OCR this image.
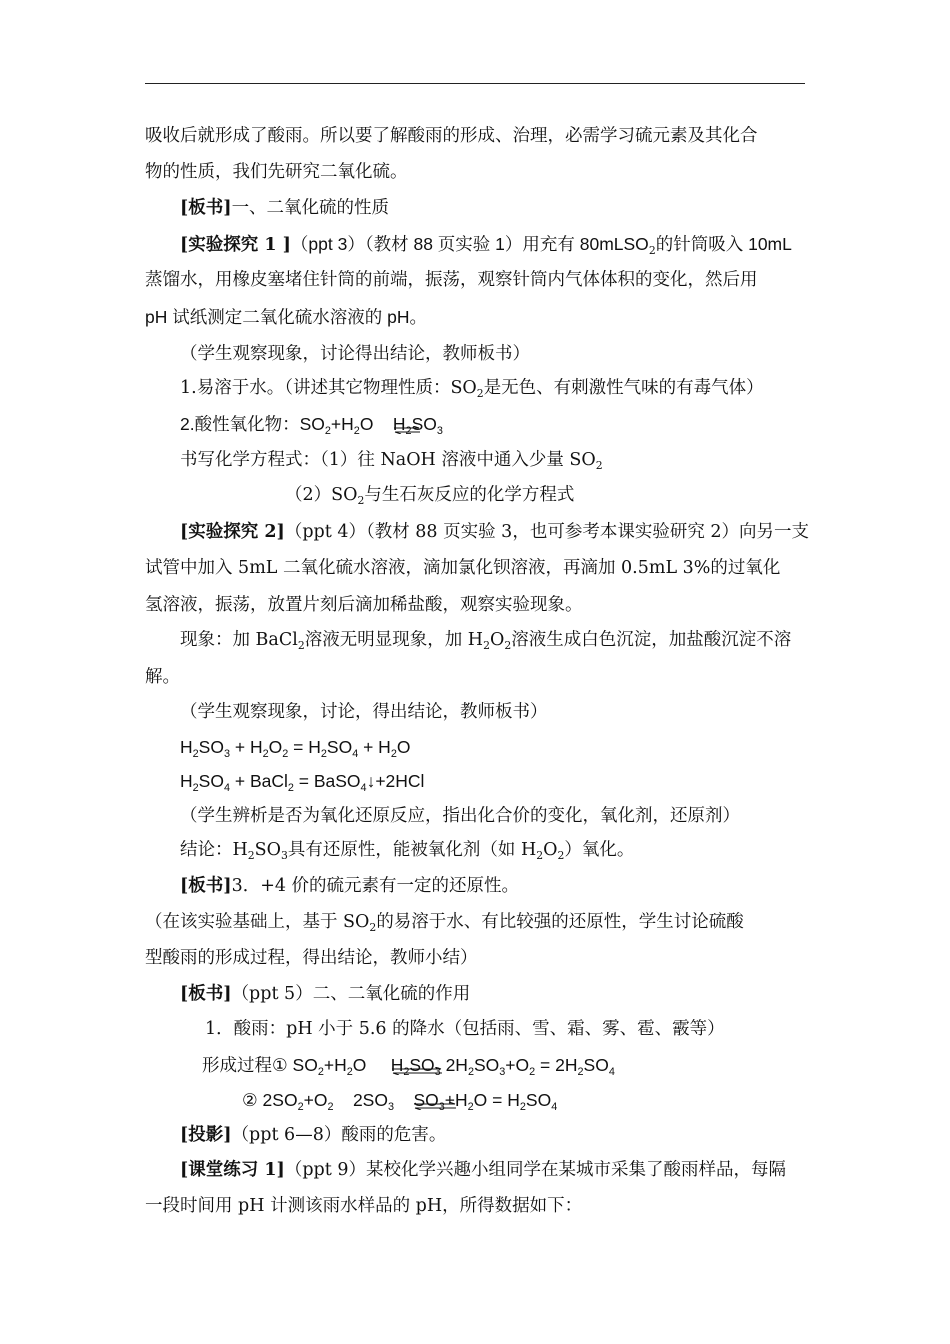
吸收后就形成了酸雨。所以要了解酸雨的形成、治理，必需学习硫元素及其化合
物的性质，我们先研究二氧化硫。
[板书]一、二氧化硫的性质
[实验探究 1 ]（ppt 3）（教材 88 页实验 1）用充有 80mLSO$_2$的针筒吸入 10mL
蒸馏水，用橡皮塞堵住针筒的前端，振荡，观察针筒内气体体积的变化，然后用
pH 试纸测定二氧化硫水溶液的 pH。
（学生观察现象，讨论得出结论，教师板书）
1.易溶于水。（讲述其它物理性质：$SO_2$是无色、有刺激性气味的有毒气体）
2.酸性氧化物：$SO_2+H_2O$ $H_2SO_3$
书写化学方程式：（1）往 NaOH 溶液中通入少量 $SO_2$
$(2)SO_2$与生石灰反应的化学方程式
[实验探究 2]（ppt 4）（教材 88 页实验 3，也可参考本课实验研究 2）向另一支
试管中加入 5mL 二氧化硫水溶液，滴加氯化钡溶液，再滴加 0.5mL 3%的过氧化
氢溶液，振荡，放置片刻后滴加稀盐酸，观察实验现象。
现象：加 BaCl$_2$溶液无明显现象，加 $H_2O_2$溶液生成白色沉淀，加盐酸沉淀不溶
解。
（学生观察现象，讨论，得出结论，教师板书）
$H_2SO_3 + H_2O_2 = H_2SO_4 + H_2O$
$H_2SO_4$ + BaCl$_2$ = BaSO$_4$↓+2HCl
（学生辨析是否为氧化还原反应，指出化合价的变化，氧化剂，还原剂）
结论：$H_2SO_3$具有还原性，能被氧化剂（如 $H_2O_2$）氧化。
[板书]3．+4 价的硫元素有一定的还原性。
（在该实验基础上，基于 $SO_2$的易溶于水、有比较强的还原性，学生讨论硫酸
型酸雨的形成过程，得出结论，教师小结）
[板书]（ppt 5）二、二氧化硫的作用
1．酸雨：pH 小于 5.6 的降水（包括雨、雪、霜、雾、雹、霰等）
形成过程① $SO_2+H_2O$ $H_2SO_3$ $2H_2SO_3+O_2 = 2H_2SO_4$
② $2SO_2+O_2$ $2SO_3$ $SO_3+H_2O = H_2SO_4$
[投影]（ppt 6—8）酸雨的危害。
[课堂练习 1]（ppt 9）某校化学兴趣小组同学在某城市采集了酸雨样品，每隔
一段时间用 pH 计测该雨水样品的 pH，所得数据如下：
